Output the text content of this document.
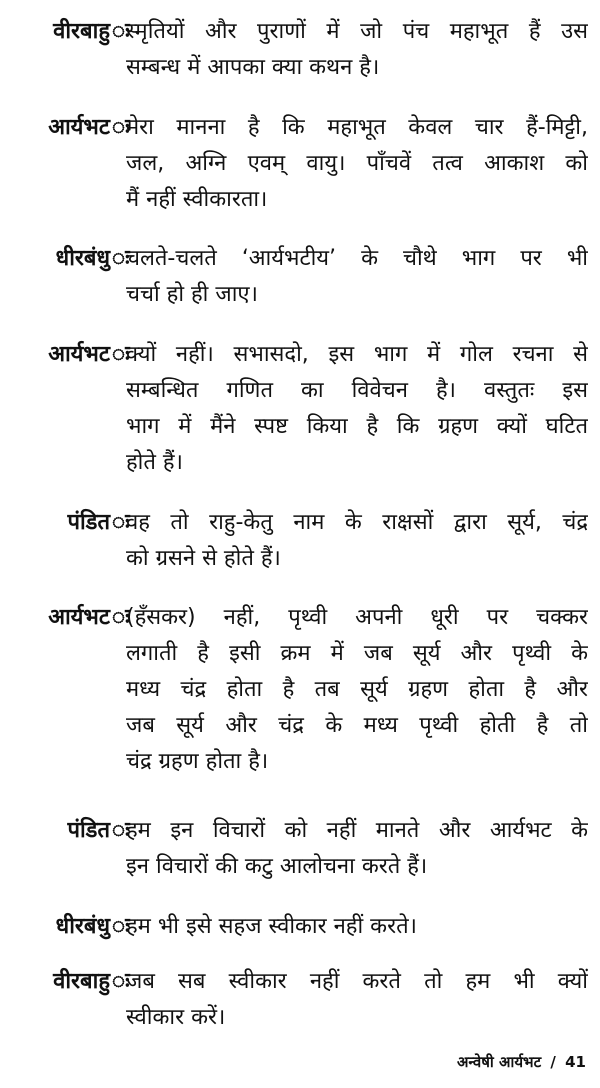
वीरबाहु ः
स्मृतियों और पुराणों में जो पंच महाभूत हैं उस
सम्बन्ध में आपका क्या कथन है।
आर्यभट ः
मेरा मानना है कि महाभूत केवल चार हैं-मिट्टी,
जल, अग्नि एवम् वायु। पाँचवें तत्व आकाश को
मैं नहीं स्वीकारता।
धीरबंधु ः
चलते-चलते ‘आर्यभटीय’ के चौथे भाग पर भी
चर्चा हो ही जाए।
आर्यभट ः
क्यों नहीं। सभासदो, इस भाग में गोल रचना से
सम्बन्धित गणित का विवेचन है। वस्तुतः इस
भाग में मैंने स्पष्ट किया है कि ग्रहण क्यों घटित
होते हैं।
पंडित ः
वह तो राहु-केतु नाम के राक्षसों द्वारा सूर्य, चंद्र
को ग्रसने से होते हैं।
आर्यभट ः
(हँसकर) नहीं, पृथ्वी अपनी धूरी पर चक्कर
लगाती है इसी क्रम में जब सूर्य और पृथ्वी के
मध्य चंद्र होता है तब सूर्य ग्रहण होता है और
जब सूर्य और चंद्र के मध्य पृथ्वी होती है तो
चंद्र ग्रहण होता है।
पंडित ः
हम इन विचारों को नहीं मानते और आर्यभट के
इन विचारों की कटु आलोचना करते हैं।
धीरबंधु ः
हम भी इसे सहज स्वीकार नहीं करते।
वीरबाहु ः
जब सब स्वीकार नहीं करते तो हम भी क्यों
स्वीकार करें।
अन्वेषी आर्यभट / 41
